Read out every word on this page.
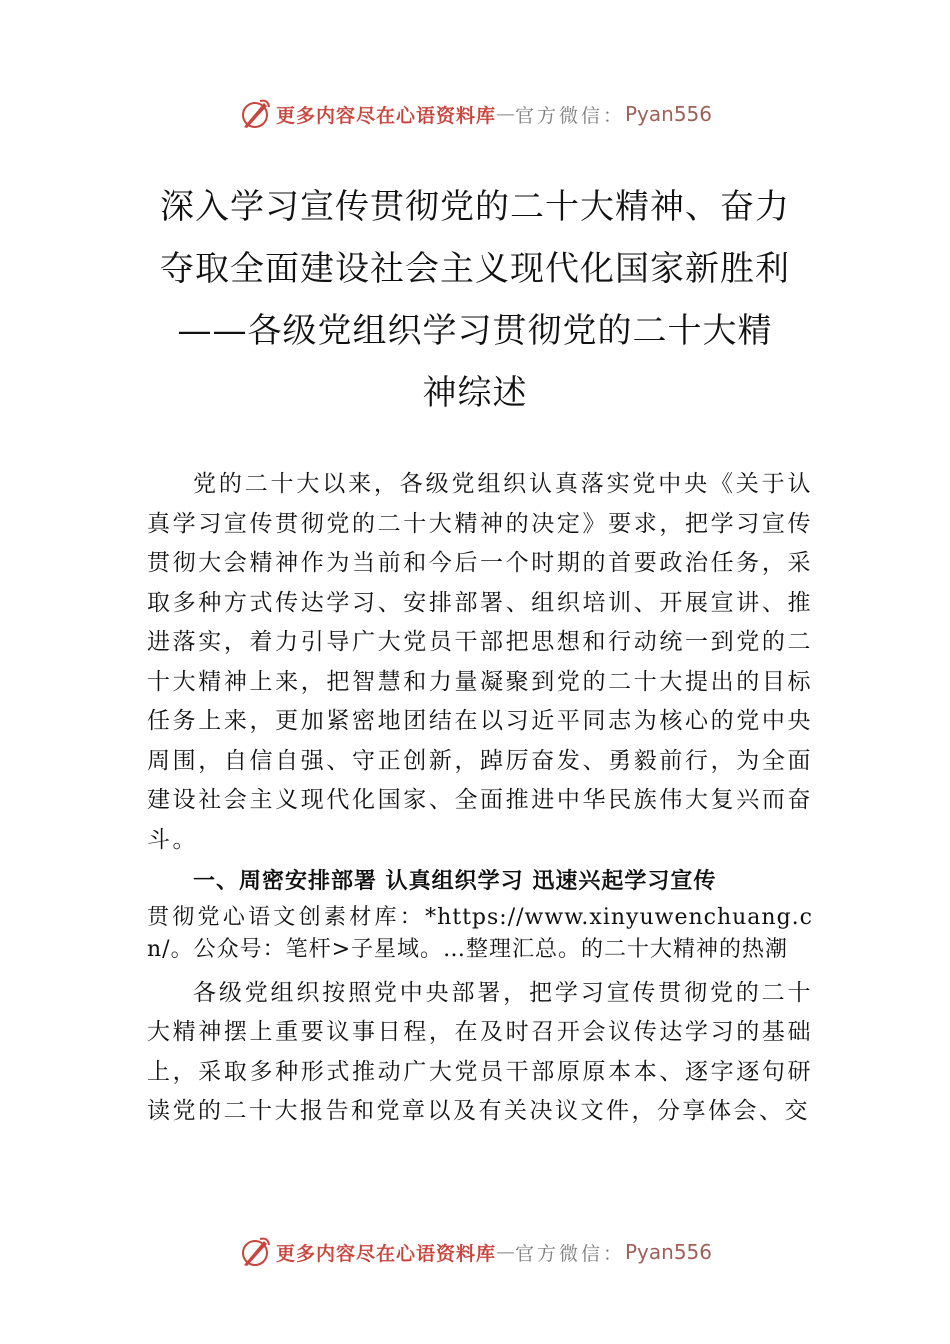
更多内容尽在心语资料库 — 官方微信： Pyan556
深入学习宣传贯彻党的二十大精神、奋力
夺取全面建设社会主义现代化国家新胜利
——各级党组织学习贯彻党的二十大精
神综述

党的二十大以来，各级党组织认真落实党中央《关于认真学习宣传贯彻党的二十大精神的决定》要求，把学习宣传贯彻大会精神作为当前和今后一个时期的首要政治任务，采取多种方式传达学习、安排部署、组织培训、开展宣讲、推进落实，着力引导广大党员干部把思想和行动统一到党的二十大精神上来，把智慧和力量凝聚到党的二十大提出的目标任务上来，更加紧密地团结在以习近平同志为核心的党中央周围，自信自强、守正创新，踔厉奋发、勇毅前行，为全面建设社会主义现代化国家、全面推进中华民族伟大复兴而奋斗。

一、周密安排部署 认真组织学习 迅速兴起学习宣传

贯彻党心语文创素材库：*https://www.xinyuwenchuang.cn/。公众号：笔杆>子星域。…整理汇总。的二十大精神的热潮

各级党组织按照党中央部署，把学习宣传贯彻党的二十大精神摆上重要议事日程，在及时召开会议传达学习的基础上，采取多种形式推动广大党员干部原原本本、逐字逐句研读党的二十大报告和党章以及有关决议文件，分享体会、交

更多内容尽在心语资料库 — 官方微信： Pyan556
